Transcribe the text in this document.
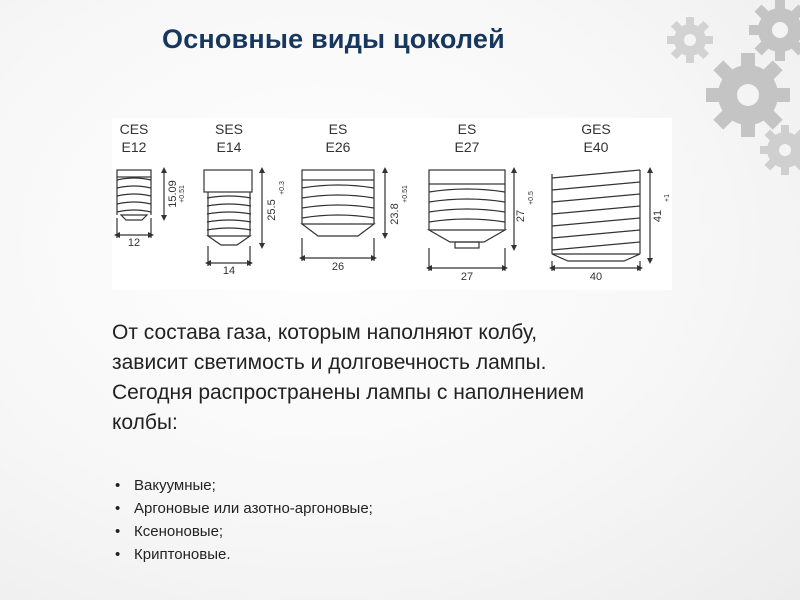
Основные виды цоколей
CES
E12
12
15.09 +0.51
SES
E14
14
25.5
+0.3
ES
E26
26
23.8
+0.51
ES
E27
27
27
+0.5
GES
E40
40
41
+1
От состава газа, которым наполняют колбу,
зависит светимость и долговечность лампы.
Сегодня распространены лампы с наполнением
колбы:
• Вакуумные;
• Аргоновые или азотно-аргоновые;
• Ксеноновые;
• Криптоновые.
